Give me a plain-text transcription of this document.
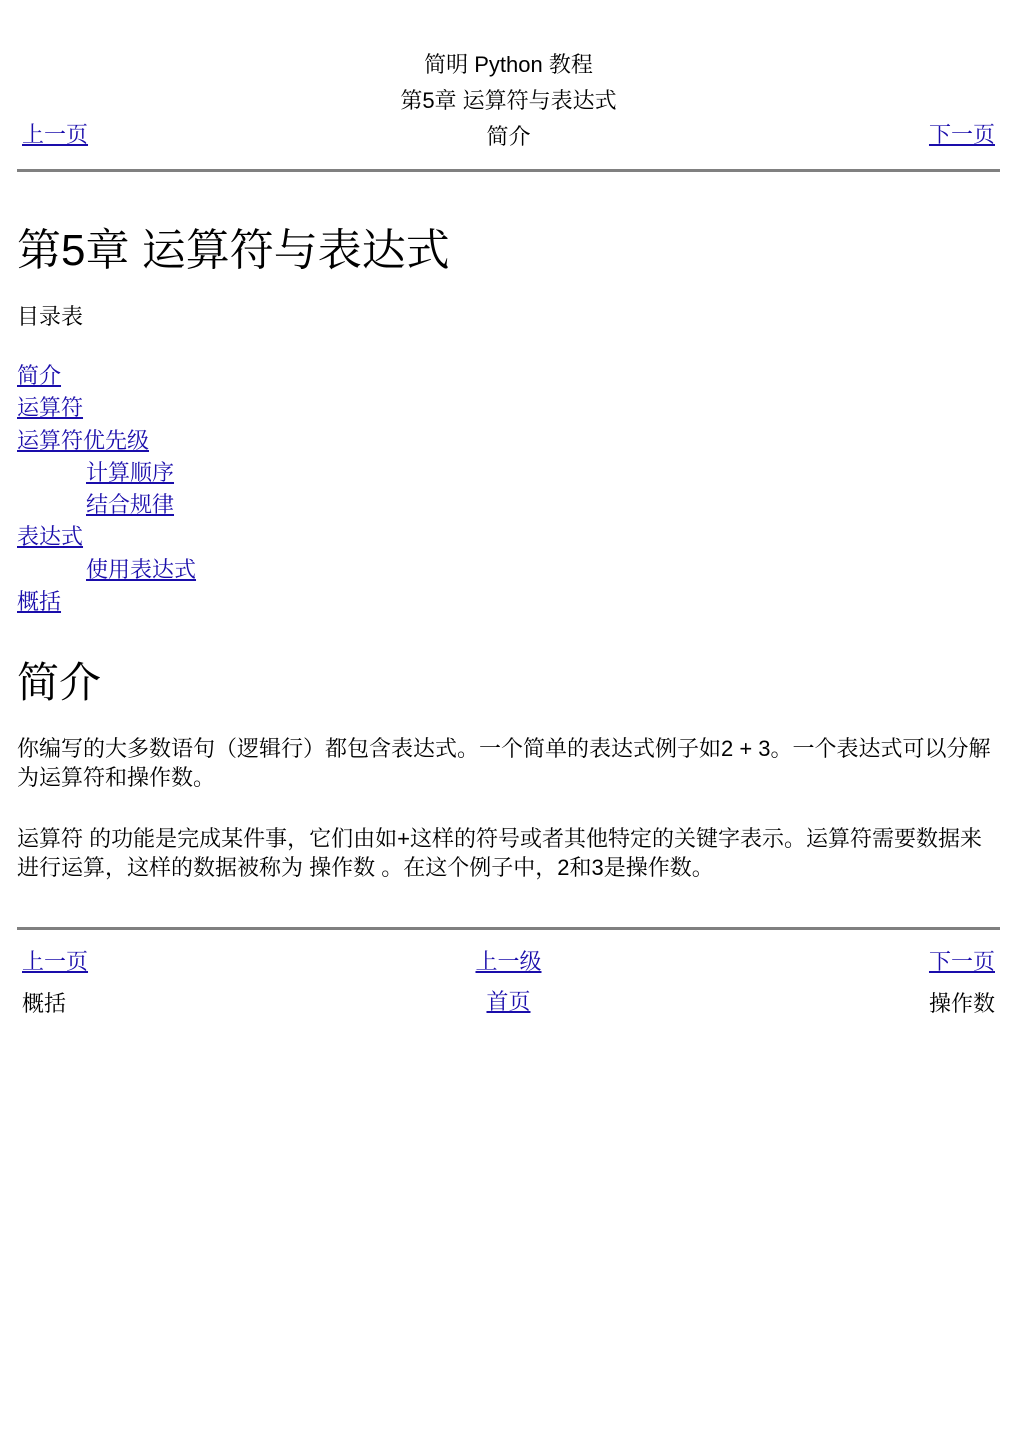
简明 Python 教程
第5章 运算符与表达式
上一页	简介	下一页
第5章 运算符与表达式
目录表
简介
运算符
运算符优先级
计算顺序
结合规律
表达式
使用表达式
概括
简介

你编写的大多数语句（逻辑行）都包含表达式。一个简单的表达式例子如2 + 3。一个表达式可以分解为运算符和操作数。

运算符 的功能是完成某件事，它们由如+这样的符号或者其他特定的关键字表示。运算符需要数据来进行运算，这样的数据被称为 操作数 。在这个例子中，2和3是操作数。

上一页	上一级	下一页
概括	首页	操作数
